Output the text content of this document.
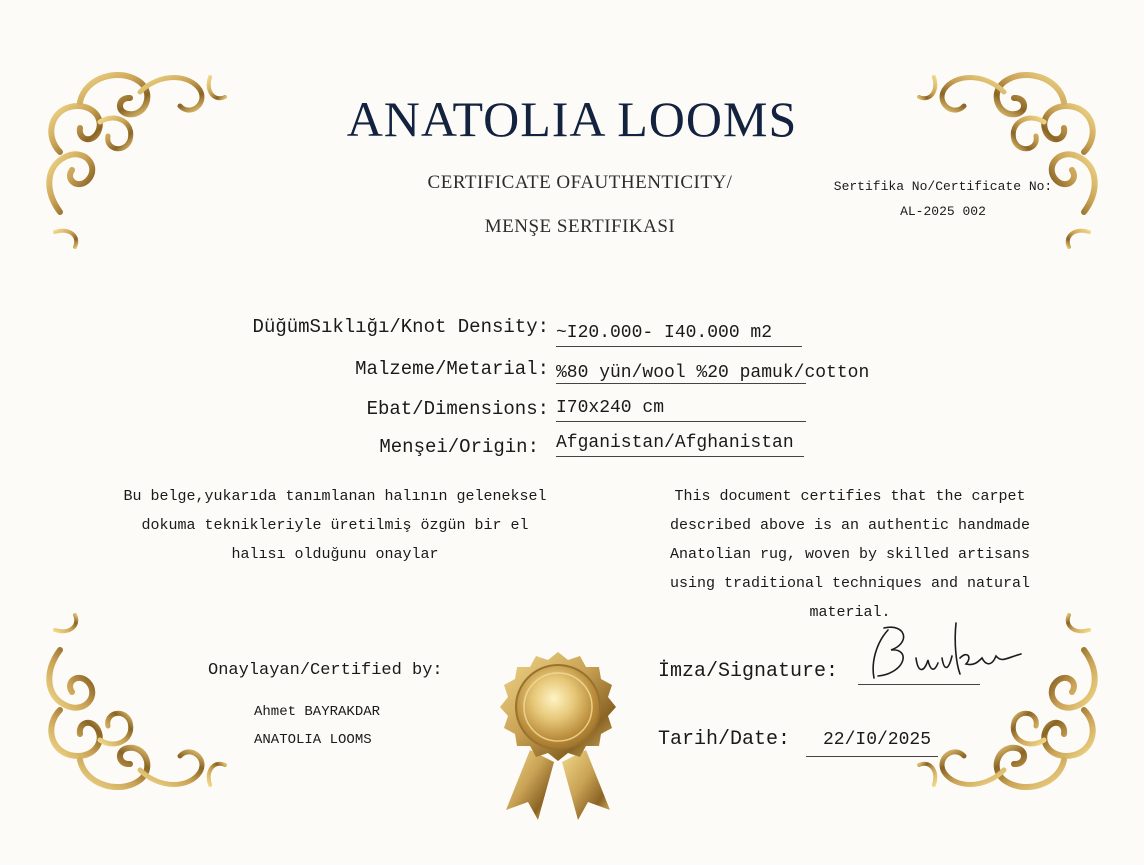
ANATOLIA LOOMS
CERTIFICATE OFAUTHENTICITY/
MENŞE SERTIFIKASI
Sertifika No/Certificate No:
AL-2025 002
DüğümSıklığı/Knot Density: ~I20.000- I40.000 m2
Malzeme/Metarial: %80 yün/wool %20 pamuk/cotton
Ebat/Dimensions: I70x240 cm
Menşei/Origin: Afganistan/Afghanistan
Bu belge,yukarıda tanımlanan halının geleneksel
dokuma teknikleriyle üretilmiş özgün bir el
halısı olduğunu onaylar
This document certifies that the carpet
described above is an authentic handmade
Anatolian rug, woven by skilled artisans
using traditional techniques and natural
material.
Onaylayan/Certified by:
Ahmet BAYRAKDAR
ANATOLIA LOOMS
İmza/Signature:
Tarih/Date: 22/I0/2025
